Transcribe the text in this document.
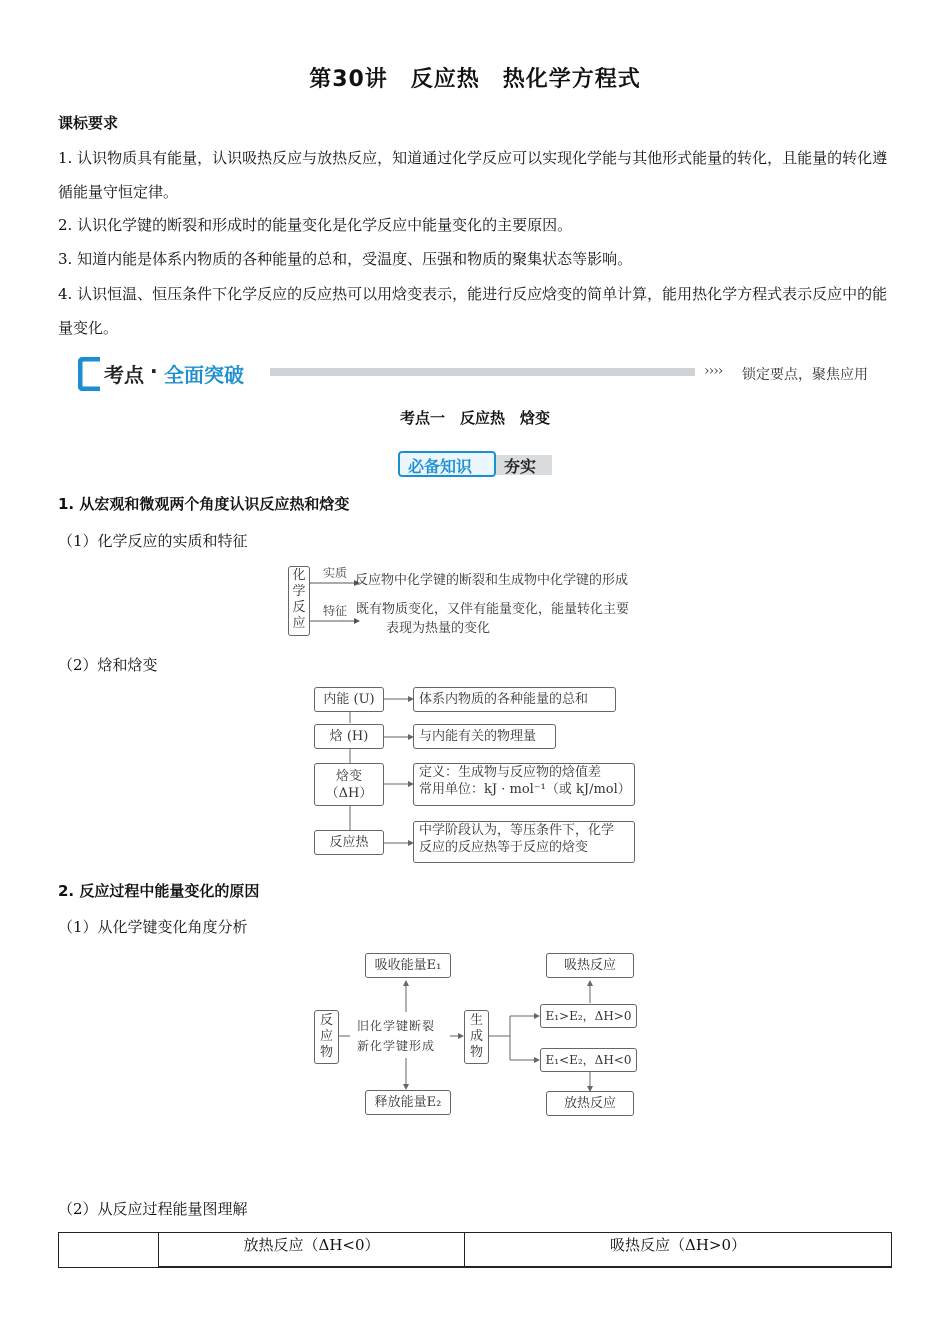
第30讲　反应热　热化学方程式
课标要求
1. 认识物质具有能量，认识吸热反应与放热反应，知道通过化学反应可以实现化学能与其他形式能量的转化，且能量的转化遵循能量守恒定律。
2. 认识化学键的断裂和形成时的能量变化是化学反应中能量变化的主要原因。
3. 知道内能是体系内物质的各种能量的总和，受温度、压强和物质的聚集状态等影响。
4. 认识恒温、恒压条件下化学反应的反应热可以用焓变表示，能进行反应焓变的简单计算，能用热化学方程式表示反应中的能量变化。
考点 · 全面突破	›››› 锁定要点，聚焦应用
考点一　反应热　焓变
必备知识 夯实
1. 从宏观和微观两个角度认识反应热和焓变
（1）化学反应的实质和特征
化
学
反
应
实质
特征
反应物中化学键的断裂和生成物中化学键的形成
既有物质变化，又伴有能量变化，能量转化主要
表现为热量的变化
（2）焓和焓变
内能 (U)	体系内物质的各种能量的总和
焓 (H)	与内能有关的物理量
焓变
（ΔH）
定义：生成物与反应物的焓值差
常用单位：kJ · mol⁻¹（或 kJ/mol）
反应热
中学阶段认为，等压条件下，化学
反应的反应热等于反应的焓变
2. 反应过程中能量变化的原因
（1）从化学键变化角度分析
吸收能量E₁
释放能量E₂
反
应
物
旧化学键断裂
新化学键形成
生
成
物
吸热反应
E₁>E₂，ΔH>0
E₁<E₂，ΔH<0
放热反应
（2）从反应过程能量图理解
放热反应（ΔH<0）	吸热反应（ΔH>0）
